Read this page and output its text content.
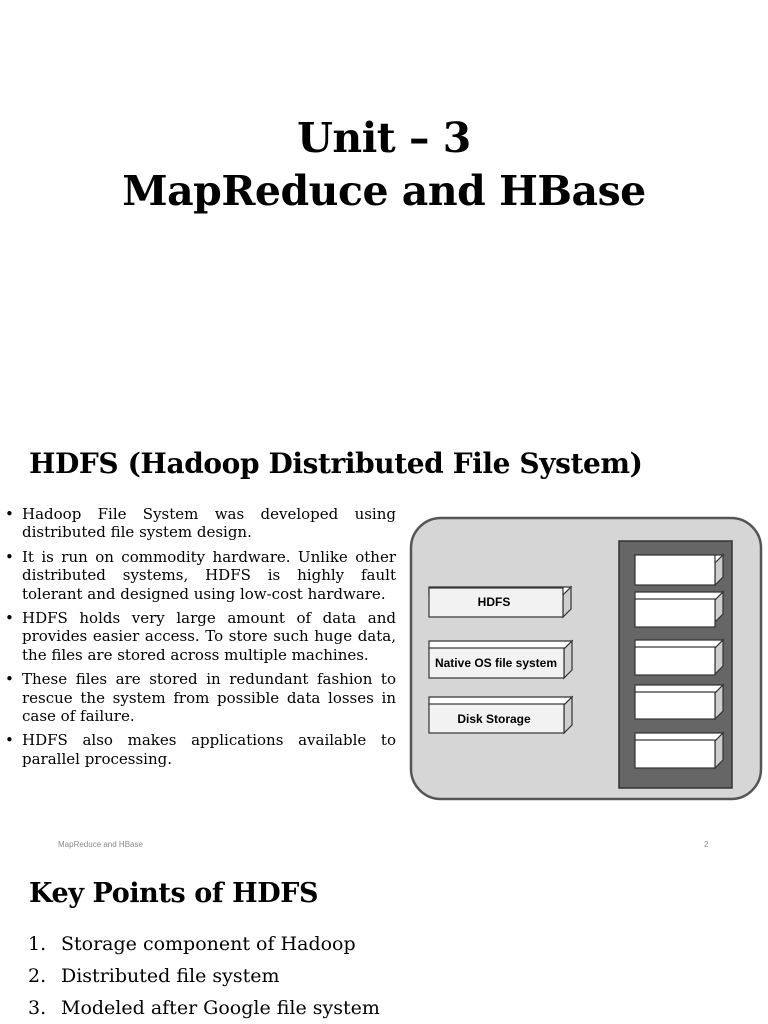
Unit – 3
MapReduce and HBase
HDFS (Hadoop Distributed File System)
• Hadoop File System was developed using distributed file system design.
• It is run on commodity hardware. Unlike other distributed systems, HDFS is highly fault tolerant and designed using low-cost hardware.
• HDFS holds very large amount of data and provides easier access. To store such huge data, the files are stored across multiple machines.
• These files are stored in redundant fashion to rescue the system from possible data losses in case of failure.
• HDFS also makes applications available to parallel processing.
HDFS
Native OS file system
Disk Storage
MapReduce and HBase	2
Key Points of HDFS
1. Storage component of Hadoop
2. Distributed file system
3. Modeled after Google file system
